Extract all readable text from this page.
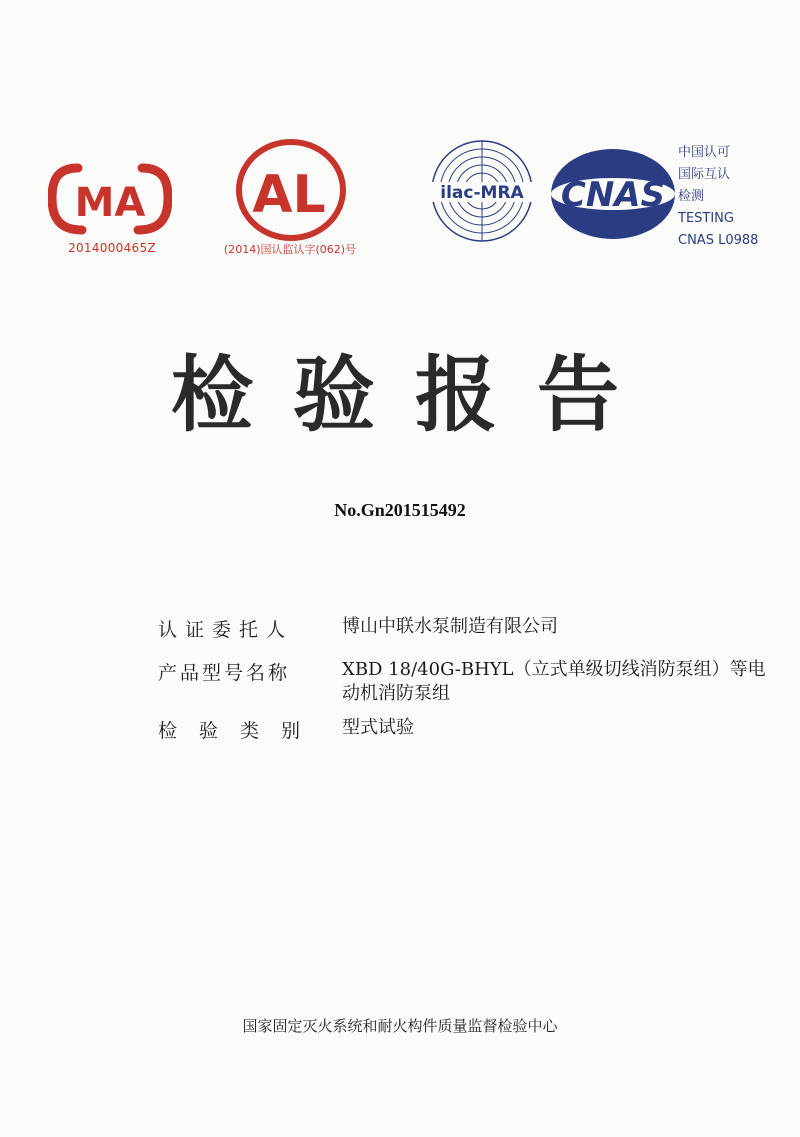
MA
2014000465Z
AL
(2014)国认监认字(062)号
ilac-MRA CNAS
中国认可
国际互认
检测
TESTING
CNAS L0988
检验报告
No.Gn201515492
认证委托人	博山中联水泵制造有限公司
产品型号名称	XBD 18/40G-BHYL（立式单级切线消防泵组）等电动机消防泵组
检验类别	型式试验
国家固定灭火系统和耐火构件质量监督检验中心
